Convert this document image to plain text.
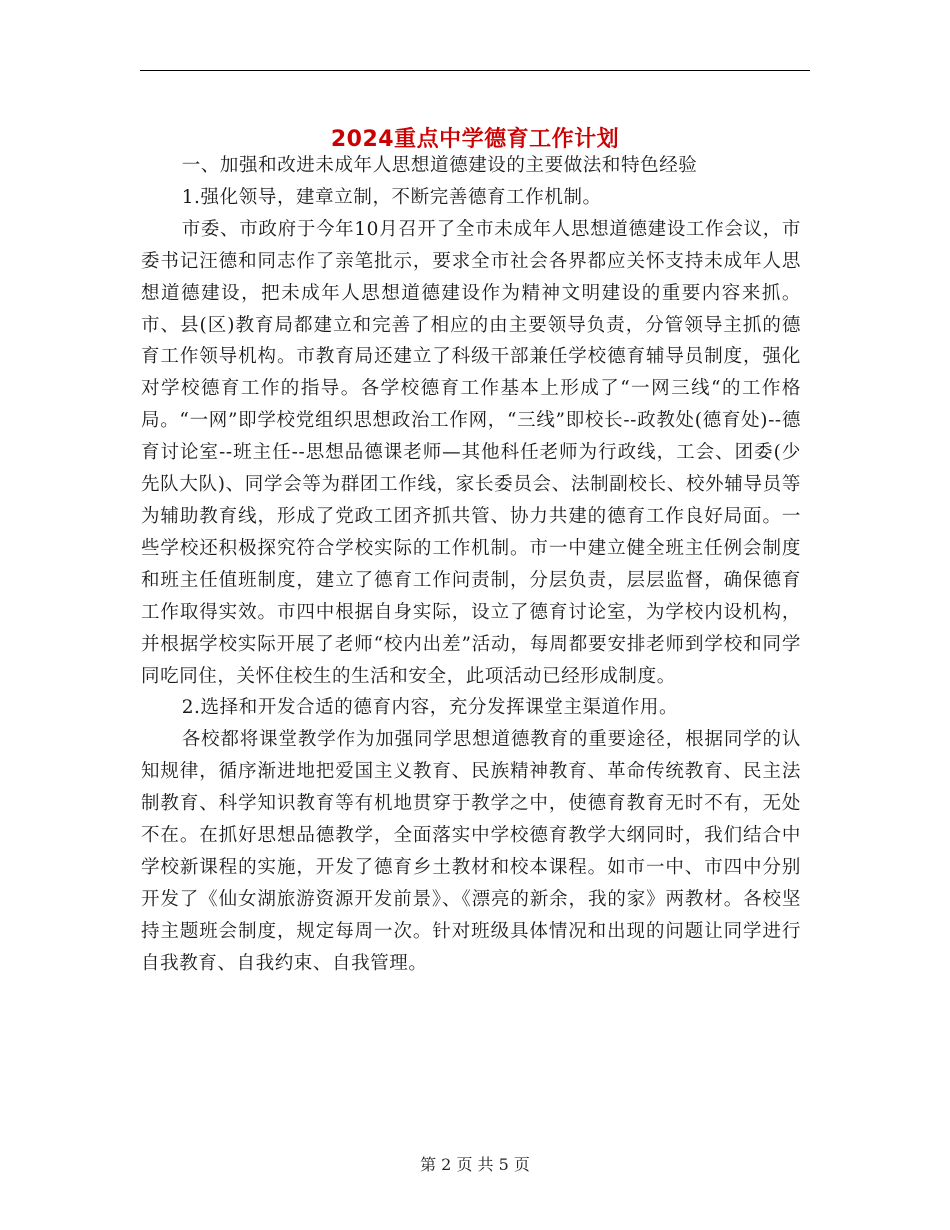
2024重点中学德育工作计划

一、加强和改进未成年人思想道德建设的主要做法和特色经验

1.强化领导，建章立制，不断完善德育工作机制。

市委、市政府于今年10月召开了全市未成年人思想道德建设工作会议，市委书记汪德和同志作了亲笔批示，要求全市社会各界都应关怀支持未成年人思想道德建设，把未成年人思想道德建设作为精神文明建设的重要内容来抓。市、县(区)教育局都建立和完善了相应的由主要领导负责，分管领导主抓的德育工作领导机构。市教育局还建立了科级干部兼任学校德育辅导员制度，强化对学校德育工作的指导。各学校德育工作基本上形成了“一网三线“的工作格局。“一网”即学校党组织思想政治工作网，“三线”即校长--政教处(德育处)--德育讨论室--班主任--思想品德课老师—其他科任老师为行政线，工会、团委(少先队大队)、同学会等为群团工作线，家长委员会、法制副校长、校外辅导员等为辅助教育线，形成了党政工团齐抓共管、协力共建的德育工作良好局面。一些学校还积极探究符合学校实际的工作机制。市一中建立健全班主任例会制度和班主任值班制度，建立了德育工作问责制，分层负责，层层监督，确保德育工作取得实效。市四中根据自身实际，设立了德育讨论室，为学校内设机构，并根据学校实际开展了老师“校内出差”活动，每周都要安排老师到学校和同学同吃同住，关怀住校生的生活和安全，此项活动已经形成制度。

2.选择和开发合适的德育内容，充分发挥课堂主渠道作用。

各校都将课堂教学作为加强同学思想道德教育的重要途径，根据同学的认知规律，循序渐进地把爱国主义教育、民族精神教育、革命传统教育、民主法制教育、科学知识教育等有机地贯穿于教学之中，使德育教育无时不有，无处不在。在抓好思想品德教学，全面落实中学校德育教学大纲同时，我们结合中学校新课程的实施，开发了德育乡土教材和校本课程。如市一中、市四中分别开发了《仙女湖旅游资源开发前景》、《漂亮的新余，我的家》两教材。各校坚持主题班会制度，规定每周一次。针对班级具体情况和出现的问题让同学进行自我教育、自我约束、自我管理。

第 2 页 共 5 页
